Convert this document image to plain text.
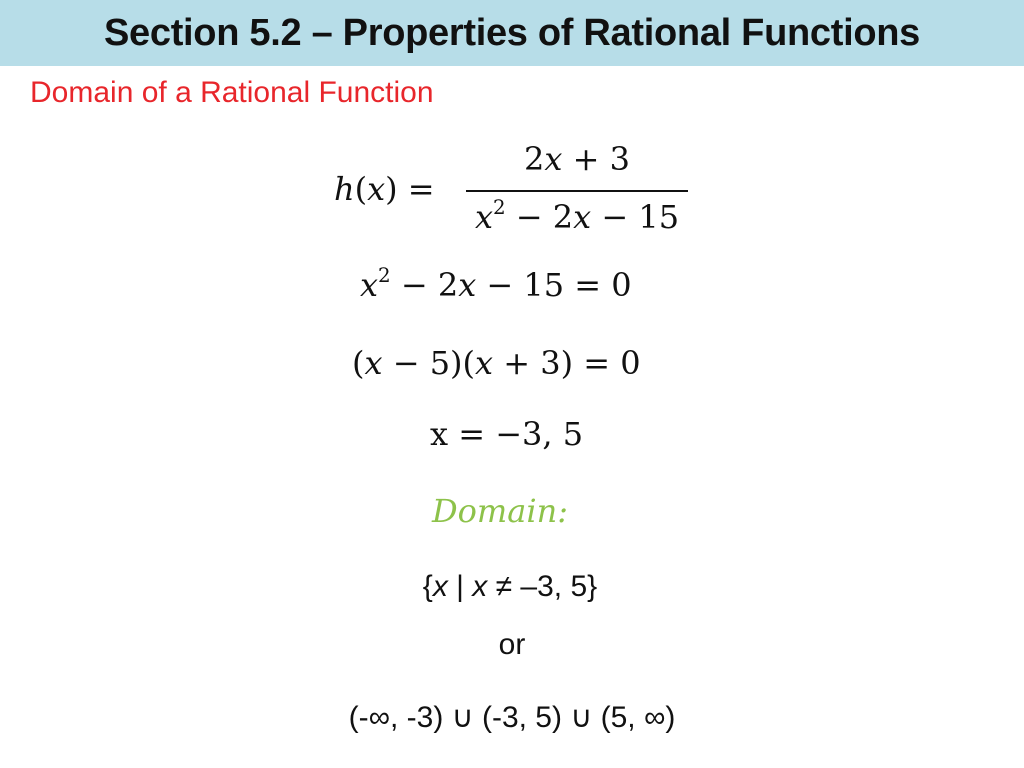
Section 5.2 – Properties of Rational Functions
Domain of a Rational Function
h(x) =
2x + 3
$x^2 - 2x - 15$
$x^2 - 2x - 15 = 0$
(x − 5)(x + 3) = 0
x = −3, 5
Domain:
{x | x ≠ –3, 5}
or
(-∞, -3) ∪ (-3, 5) ∪ (5, ∞)
